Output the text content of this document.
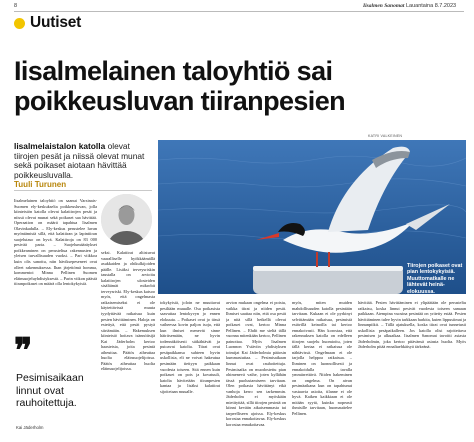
8	Iisalmen Sanomat Lauantaina 8.7.2023
Uutiset
Iisalmelainen taloyhtiö sai poikkeusluvan tiiranpesien
Iisalmelaistalon katolla olevat tiirojen pesät ja niissä olevat munat sekä poikaset aiotaan hävittää poikkeusluvalla.
Tuuli Turunen
KATRI VALKEINEN
Tiirojen poikaset ovat pian lentokykyisiä. Muuttomatkalle ne lähtevät heinä-elokuussa.

Iisalmelainen taloyhtiö on saanut Varsinais-Suomen ely-keskukselta poikkeusluvan, jolla kiinteistön katolla olevat kalatiirojen pesät ja niissä olevat munat sekä poikaset saa hävittää. Operaation on määrä tapahtua Iisalmen Olavinkadulla. – Ely-keskus perustelee luvan myöntämistä sillä, että kalatiiran ja lapintiiran suojelutaso on hyvä. Kalatiiroja on 83 000 pesivää paria. – Suojelumääräykset poikkeaminen on perusteltua rakennusten ja yleisen turvallisuuden vuoksi. – Pari viikkoa kuin olis sanottu, niin häviksepeseneet ovat olleet rakennuksessa. Ihan järjettömä homma, kommentoi Minna Pellinen Suomen eläinsuojeluyhdistyksestä. – Parin viikon päästä tiiranpoikaset on määrä olla lentokykyisiä.

seksi. Kalatiirat altistuvat vaaralliselle hyökkäämällä asukkaiden ja ohikulkijoiden päälle. Lisäksi terveysriskin taustalla on arvioitu kalatiirojen ulosteiden sisältämät mikrobit terveysriski. Ely-keskus katsoo myös, että ongelmasta ratkaisemiseksi ei ole käytettävissä muuta tyydyttävää ratkaisua kuin pesien hävittäminen. Haloja on estettyä, että pesät pystyä siirtämään. – Hakemuksen kiinteistö hoitava isännöitsijä Kai Jäderholm kertoo haasteista, joita pesintä aiheuttaa. Päätös aiheuttaa huolta eläinsuojelijoissa. Päätös aiheuttaa huolta eläinsuojelijoissa.

tokykyisiä, joloin ne muuttavat pesiltään muualle. Osa poikasista saavuttaa lentokyvyn jo ennen elokuuta. – Poikaset ovat jo tässä vaiheessa kovin paljon isoja, että kun ilmiset menevät sinne häiritsemään, ne hyvin todennäköisesti säikähtävät ja putoavat katolta. Tiirat ovat pesäpaikkansa suhteen hyvin uskollisia, eli ne voivat hakeutua pesimään tiettyyn paikkaan vuodesta toiseen. Sitä ennen kuin poikaset on pois ja kovatuuli, katolta hävitetään tiiranpesien kantaa ja lisäksi kalatiirat sijoitetaan muualle.

arvion mukaan ongelma ei poistu, vaikka tiirat ja niiden pesät. Ihmiset saattaa niin, että osa pesät ja nitä sillä hetkellä olevat poikaset ovat, kertoo Minna Pellinen. – Ehdit me sieltä tällä vuonna mitenkään kertoo, Pellinen painottaa. Myös Iisalmen Luonnon Ystäviin yhdistyksen toimijat Kai Jäderholmia pääosin kummastuttaa. – Pesimisaikaan linnut ovat rauhoitettuja. Pesimisaika on muodostettu pian ohimenevä vaihe, joten kyllähän tässä puolustamiseen tarvitaan. Olen poikasia hävittänyt eikä vanhoja kerro sen tarkemmin. Jäderholm ei myöskään mietityttää, sillä tiirojen pesintä on kiinni kevään aikaisemmasta tai tarpeelliseen ajoissa. Ely-keskus korostaa ennakoitavaa. Ely-keskus korostaa ennakoitavaa.

myös, miten muiden mahdollisuuden katolla pesintään tarvitaan. Kukaan ei ole pyrkinyt selvittämään ratkaisua, pesimistä estävillä keinoilla tai kertoo ennakoivasti. Hän korostaa, että rakennuksen katolla on edelleen tiirojen suojelu huomioitu, joten tällä kertaa ei ratkaisua ole nähtävissä. Ongelmaan ei ole tarjolla helppoa ratkaisua. – Ihminen on luonnollisesti ja ennakoidulla tavalla ymmärrettävä. Niiden hakeminen on ongelma. On aivan pesimäaikana kun on tapahtunut vastaavia asioita, tilanne ei ole hyvä. Kaiken kaikkiaan ei ole mitään syytä, kuinka nopeasti ihmisille tarvitaan, huomauttelee Pellinen.

hävittää. Pesien hävittäminen ei ylipäätään ole perusteltu ratkaisu, koska linnut pesivät vuodesta toiseen samaan paikkaan. Aiempina vuosina pesintää on yritetty estää. Pesien hävittäminen tulee hyvin tarkkaan harkita, kuten lippusiimat ja linnunpiikit. – Tällä ajatuksella, koska tiirat ovat tunnetusti uskollisia pesäpaikalleen. Jos katolla olisi rajoitettava pesimisen ja alkuaikaa. Iisalmen Sanomat tavoitti asiasta Jäderholmin, joka kertoo pitävänsä asiasta huolta. Myös Jäderholm pitää ennaltaehkäisyä tärkeänä.

❞
Pesimisaikaan linnut ovat rauhoitettuja.
Kai Jäderholm
